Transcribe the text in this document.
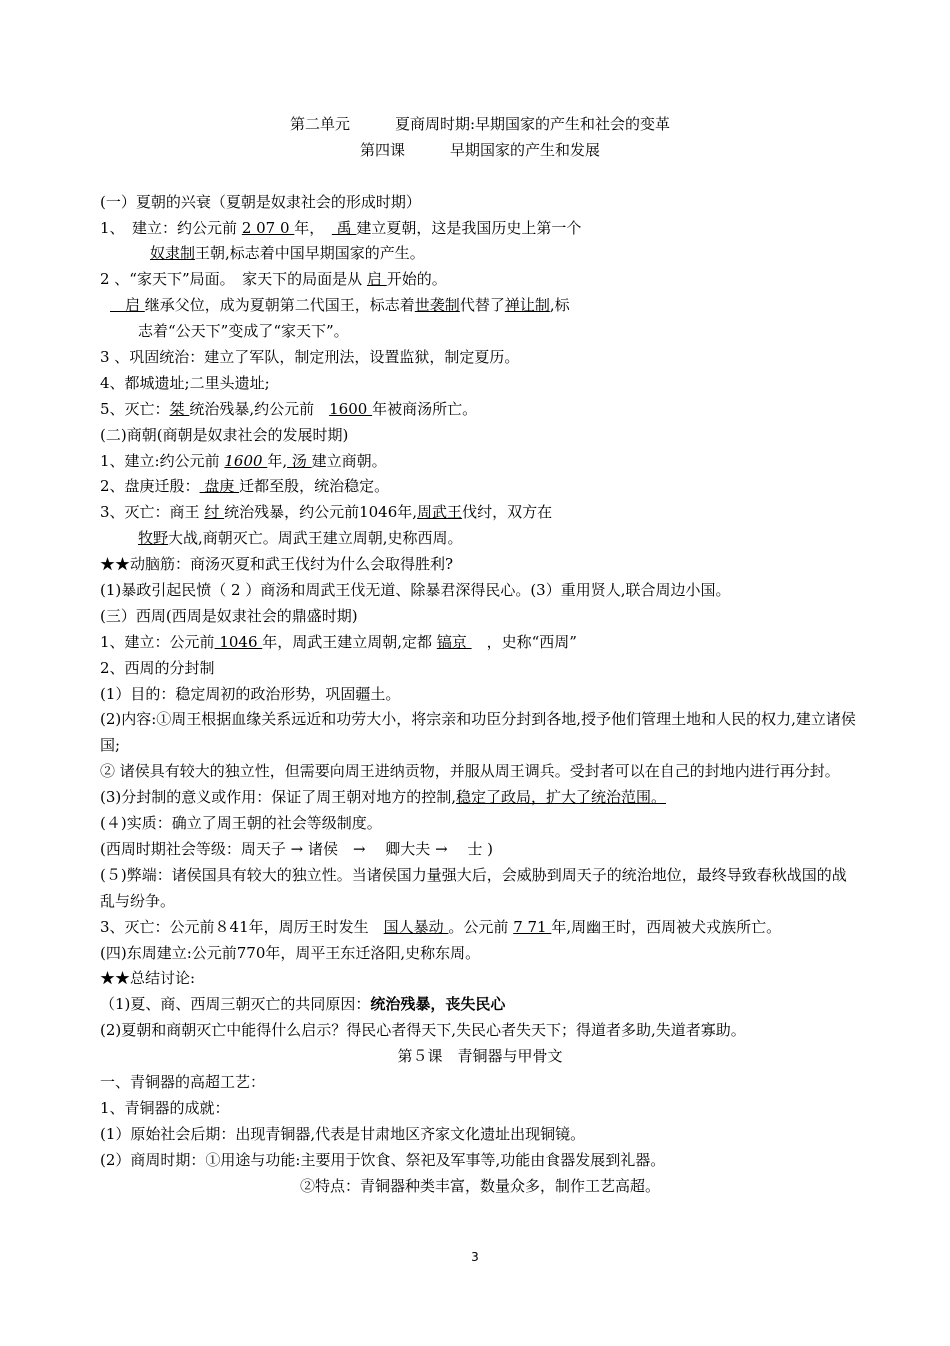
第二单元　　　夏商周时期:早期国家的产生和社会的变革
第四课　　　早期国家的产生和发展
(一）夏朝的兴衰（夏朝是奴隶社会的形成时期）
1、　建立：约公元前 2 07 0 年，　 禹 建立夏朝，这是我国历史上第一个
奴隶制王朝,标志着中国早期国家的产生。
2 、“家天下”局面。　家天下的局面是从 启 开始的。
　启 继承父位，成为夏朝第二代国王，标志着世袭制代替了禅让制,标
志着“公天下”变成了“家天下”。
3 、巩固统治：建立了军队，制定刑法，设置监狱，制定夏历。
4、都城遗址;二里头遗址;
5、灭亡：桀 统治残暴,约公元前　1600 年被商汤所亡。
(二)商朝(商朝是奴隶社会的发展时期)
1、建立:约公元前 1600 年, 汤 建立商朝。
2、盘庚迁殷： 盘庚 迁都至殷，统治稳定。
3、灭亡：商王 纣 统治残暴，约公元前1046年,周武王伐纣，双方在
牧野大战,商朝灭亡。周武王建立周朝,史称西周。
★★动脑筋：商汤灭夏和武王伐纣为什么会取得胜利?
(1)暴政引起民愤（ 2 ）商汤和周武王伐无道、除暴君深得民心。(3）重用贤人,联合周边小国。
(三）西周(西周是奴隶社会的鼎盛时期)
1、建立：公元前 1046 年，周武王建立周朝,定都 镐京 　，史称“西周”
2、西周的分封制
(1）目的：稳定周初的政治形势，巩固疆土。
(2)内容:①周王根据血缘关系远近和功劳大小，将宗亲和功臣分封到各地,授予他们管理土地和人民的权力,建立诸侯国;
② 诸侯具有较大的独立性，但需要向周王进纳贡物，并服从周王调兵。受封者可以在自己的封地内进行再分封。
(3)分封制的意义或作用：保证了周王朝对地方的控制,稳定了政局，扩大了统治范围。
(４)实质：确立了周王朝的社会等级制度。
(西周时期社会等级：周天子 → 诸侯　→　 卿大夫 →　 士 )
(５)弊端：诸侯国具有较大的独立性。当诸侯国力量强大后，会威胁到周天子的统治地位，最终导致春秋战国的战乱与纷争。
3、灭亡：公元前８41年，周厉王时发生　国人暴动 。公元前 7 71 年,周幽王时，西周被犬戎族所亡。
(四)东周建立:公元前770年，周平王东迁洛阳,史称东周。
★★总结讨论:
（1)夏、商、西周三朝灭亡的共同原因：统治残暴，丧失民心
(2)夏朝和商朝灭亡中能得什么启示？得民心者得天下,失民心者失天下；得道者多助,失道者寡助。
第５课　青铜器与甲骨文
一、青铜器的高超工艺：
1、青铜器的成就：
(1）原始社会后期：出现青铜器,代表是甘肃地区齐家文化遗址出现铜镜。
(2）商周时期：①用途与功能:主要用于饮食、祭祀及军事等,功能由食器发展到礼器。
②特点：青铜器种类丰富，数量众多，制作工艺高超。
3
